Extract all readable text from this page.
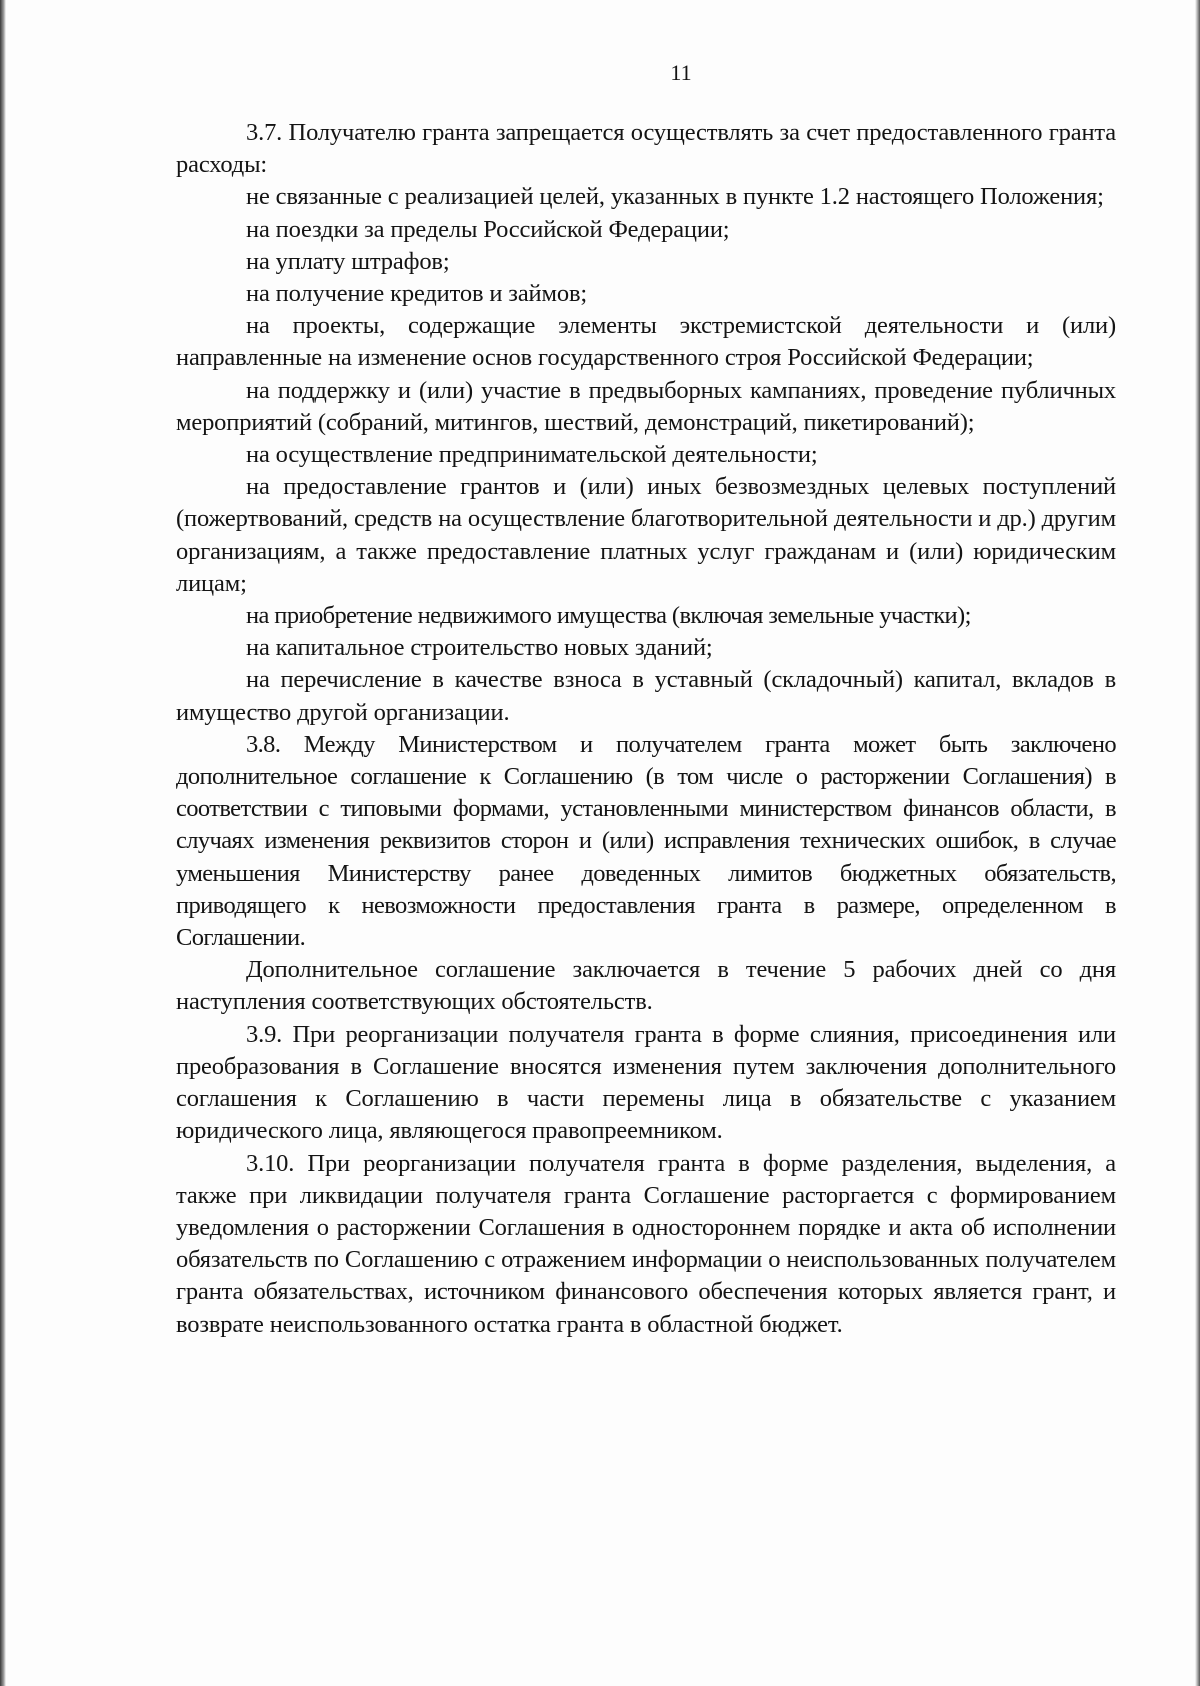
11

3.7. Получателю гранта запрещается осуществлять за счет предоставленного гранта расходы:

не связанные с реализацией целей, указанных в пункте 1.2 настоящего Положения;

на поездки за пределы Российской Федерации;

на уплату штрафов;

на получение кредитов и займов;

на проекты, содержащие элементы экстремистской деятельности и (или) направленные на изменение основ государственного строя Российской Федерации;

на поддержку и (или) участие в предвыборных кампаниях, проведение публичных мероприятий (собраний, митингов, шествий, демонстраций, пикетирований);

на осуществление предпринимательской деятельности;

на предоставление грантов и (или) иных безвозмездных целевых поступлений (пожертвований, средств на осуществление благотворительной деятельности и др.) другим организациям, а также предоставление платных услуг гражданам и (или) юридическим лицам;

на приобретение недвижимого имущества (включая земельные участки);

на капитальное строительство новых зданий;

на перечисление в качестве взноса в уставный (складочный) капитал, вкладов в имущество другой организации.

3.8. Между Министерством и получателем гранта может быть заключено дополнительное соглашение к Соглашению (в том числе о расторжении Соглашения) в соответствии с типовыми формами, установленными министерством финансов области, в случаях изменения реквизитов сторон и (или) исправления технических ошибок, в случае уменьшения Министерству ранее доведенных лимитов бюджетных обязательств, приводящего к невозможности предоставления гранта в размере, определенном в Соглашении.

Дополнительное соглашение заключается в течение 5 рабочих дней со дня наступления соответствующих обстоятельств.

3.9. При реорганизации получателя гранта в форме слияния, присоединения или преобразования в Соглашение вносятся изменения путем заключения дополнительного соглашения к Соглашению в части перемены лица в обязательстве с указанием юридического лица, являющегося правопреемником.

3.10. При реорганизации получателя гранта в форме разделения, выделения, а также при ликвидации получателя гранта Соглашение расторгается с формированием уведомления о расторжении Соглашения в одностороннем порядке и акта об исполнении обязательств по Соглашению с отражением информации о неиспользованных получателем гранта обязательствах, источником финансового обеспечения которых является грант, и возврате неиспользованного остатка гранта в областной бюджет.
